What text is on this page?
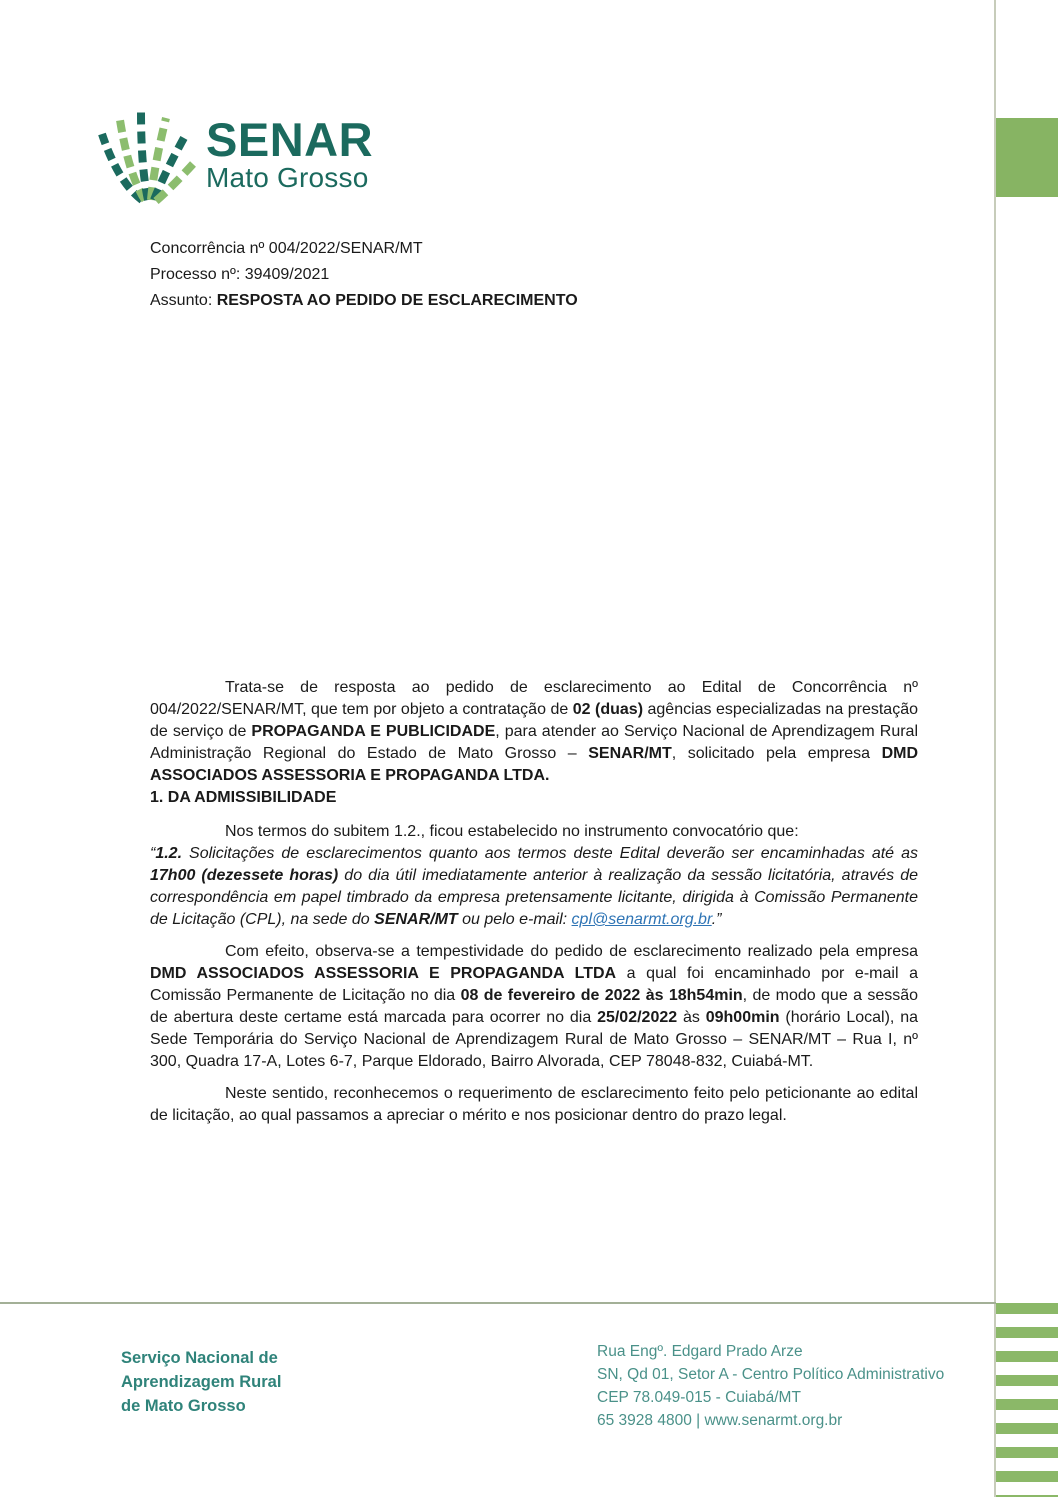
SENAR
Mato Grosso
Concorrência nº 004/2022/SENAR/MT
Processo nº: 39409/2021
Assunto: RESPOSTA AO PEDIDO DE ESCLARECIMENTO

Trata-se de resposta ao pedido de esclarecimento ao Edital de Concorrência nº 004/2022/SENAR/MT, que tem por objeto a contratação de 02 (duas) agências especializadas na prestação de serviço de PROPAGANDA E PUBLICIDADE, para atender ao Serviço Nacional de Aprendizagem Rural Administração Regional do Estado de Mato Grosso – SENAR/MT, solicitado pela empresa DMD ASSOCIADOS ASSESSORIA E PROPAGANDA LTDA.

1. DA ADMISSIBILIDADE

Nos termos do subitem 1.2., ficou estabelecido no instrumento convocatório que:

“1.2. Solicitações de esclarecimentos quanto aos termos deste Edital deverão ser encaminhadas até as 17h00 (dezessete horas) do dia útil imediatamente anterior à realização da sessão licitatória, através de correspondência em papel timbrado da empresa pretensamente licitante, dirigida à Comissão Permanente de Licitação (CPL), na sede do SENAR/MT ou pelo e-mail: cpl@senarmt.org.br.”

Com efeito, observa-se a tempestividade do pedido de esclarecimento realizado pela empresa DMD ASSOCIADOS ASSESSORIA E PROPAGANDA LTDA a qual foi encaminhado por e-mail a Comissão Permanente de Licitação no dia 08 de fevereiro de 2022 às 18h54min, de modo que a sessão de abertura deste certame está marcada para ocorrer no dia 25/02/2022 às 09h00min (horário Local), na Sede Temporária do Serviço Nacional de Aprendizagem Rural de Mato Grosso – SENAR/MT – Rua I, nº 300, Quadra 17-A, Lotes 6-7, Parque Eldorado, Bairro Alvorada, CEP 78048-832, Cuiabá-MT.

Neste sentido, reconhecemos o requerimento de esclarecimento feito pelo peticionante ao edital de licitação, ao qual passamos a apreciar o mérito e nos posicionar dentro do prazo legal.

Serviço Nacional de
Aprendizagem Rural
de Mato Grosso
Rua Engº. Edgard Prado Arze
SN, Qd 01, Setor A - Centro Político Administrativo
CEP 78.049-015 - Cuiabá/MT
65 3928 4800 | www.senarmt.org.br
